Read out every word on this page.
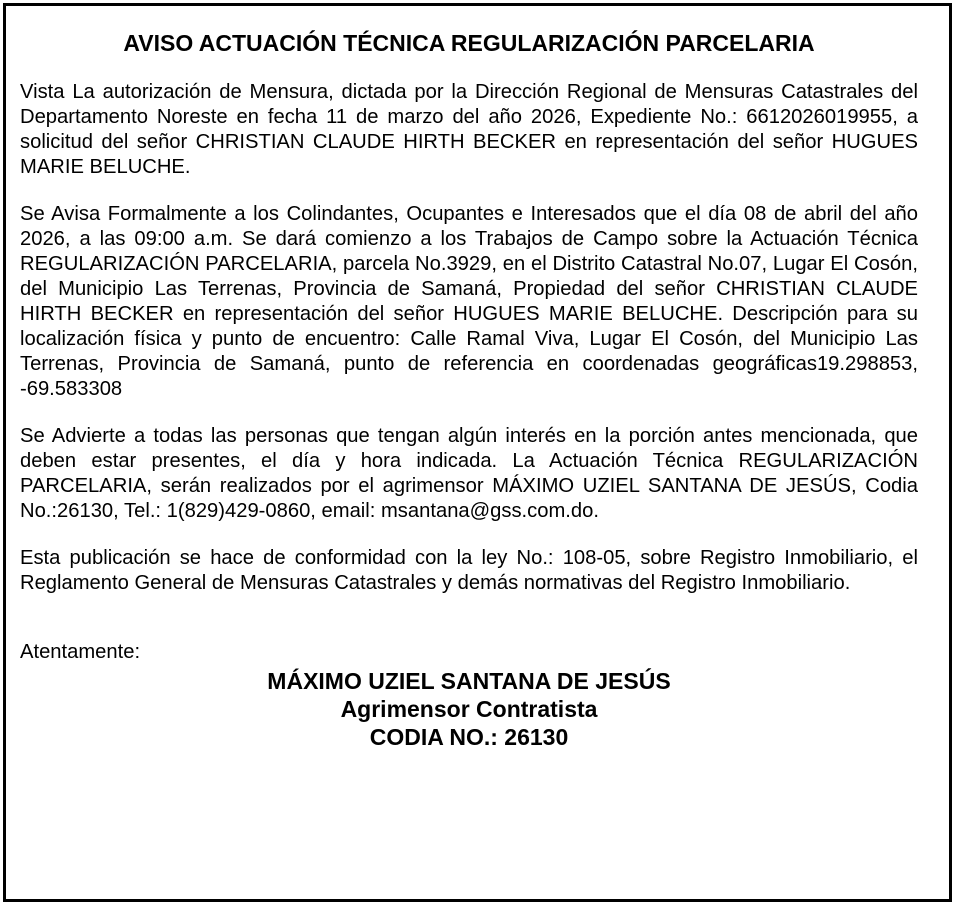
AVISO ACTUACIÓN TÉCNICA REGULARIZACIÓN PARCELARIA

Vista La autorización de Mensura, dictada por la Dirección Regional de Mensuras Catastrales del Departamento Noreste en fecha 11 de marzo del año 2026, Expediente No.: 6612026019955, a solicitud del señor CHRISTIAN CLAUDE HIRTH BECKER en representación del señor HUGUES MARIE BELUCHE.

Se Avisa Formalmente a los Colindantes, Ocupantes e Interesados que el día 08 de abril del año 2026, a las 09:00 a.m. Se dará comienzo a los Trabajos de Campo sobre la Actuación Técnica REGULARIZACIÓN PARCELARIA, parcela No.3929, en el Distrito Catastral No.07, Lugar El Cosón, del Municipio Las Terrenas, Provincia de Samaná, Propiedad del señor CHRISTIAN CLAUDE HIRTH BECKER en representación del señor HUGUES MARIE BELUCHE. Descripción para su localización física y punto de encuentro: Calle Ramal Viva, Lugar El Cosón, del Municipio Las Terrenas, Provincia de Samaná, punto de referencia en coordenadas geográficas19.298853, -69.583308

Se Advierte a todas las personas que tengan algún interés en la porción antes mencionada, que deben estar presentes, el día y hora indicada. La Actuación Técnica REGULARIZACIÓN PARCELARIA, serán realizados por el agrimensor MÁXIMO UZIEL SANTANA DE JESÚS, Codia No.:26130, Tel.: 1(829)429-0860, email: msantana@gss.com.do.

Esta publicación se hace de conformidad con la ley No.: 108-05, sobre Registro Inmobiliario, el Reglamento General de Mensuras Catastrales y demás normativas del Registro Inmobiliario.

Atentamente:
MÁXIMO UZIEL SANTANA DE JESÚS
Agrimensor Contratista
CODIA NO.: 26130
